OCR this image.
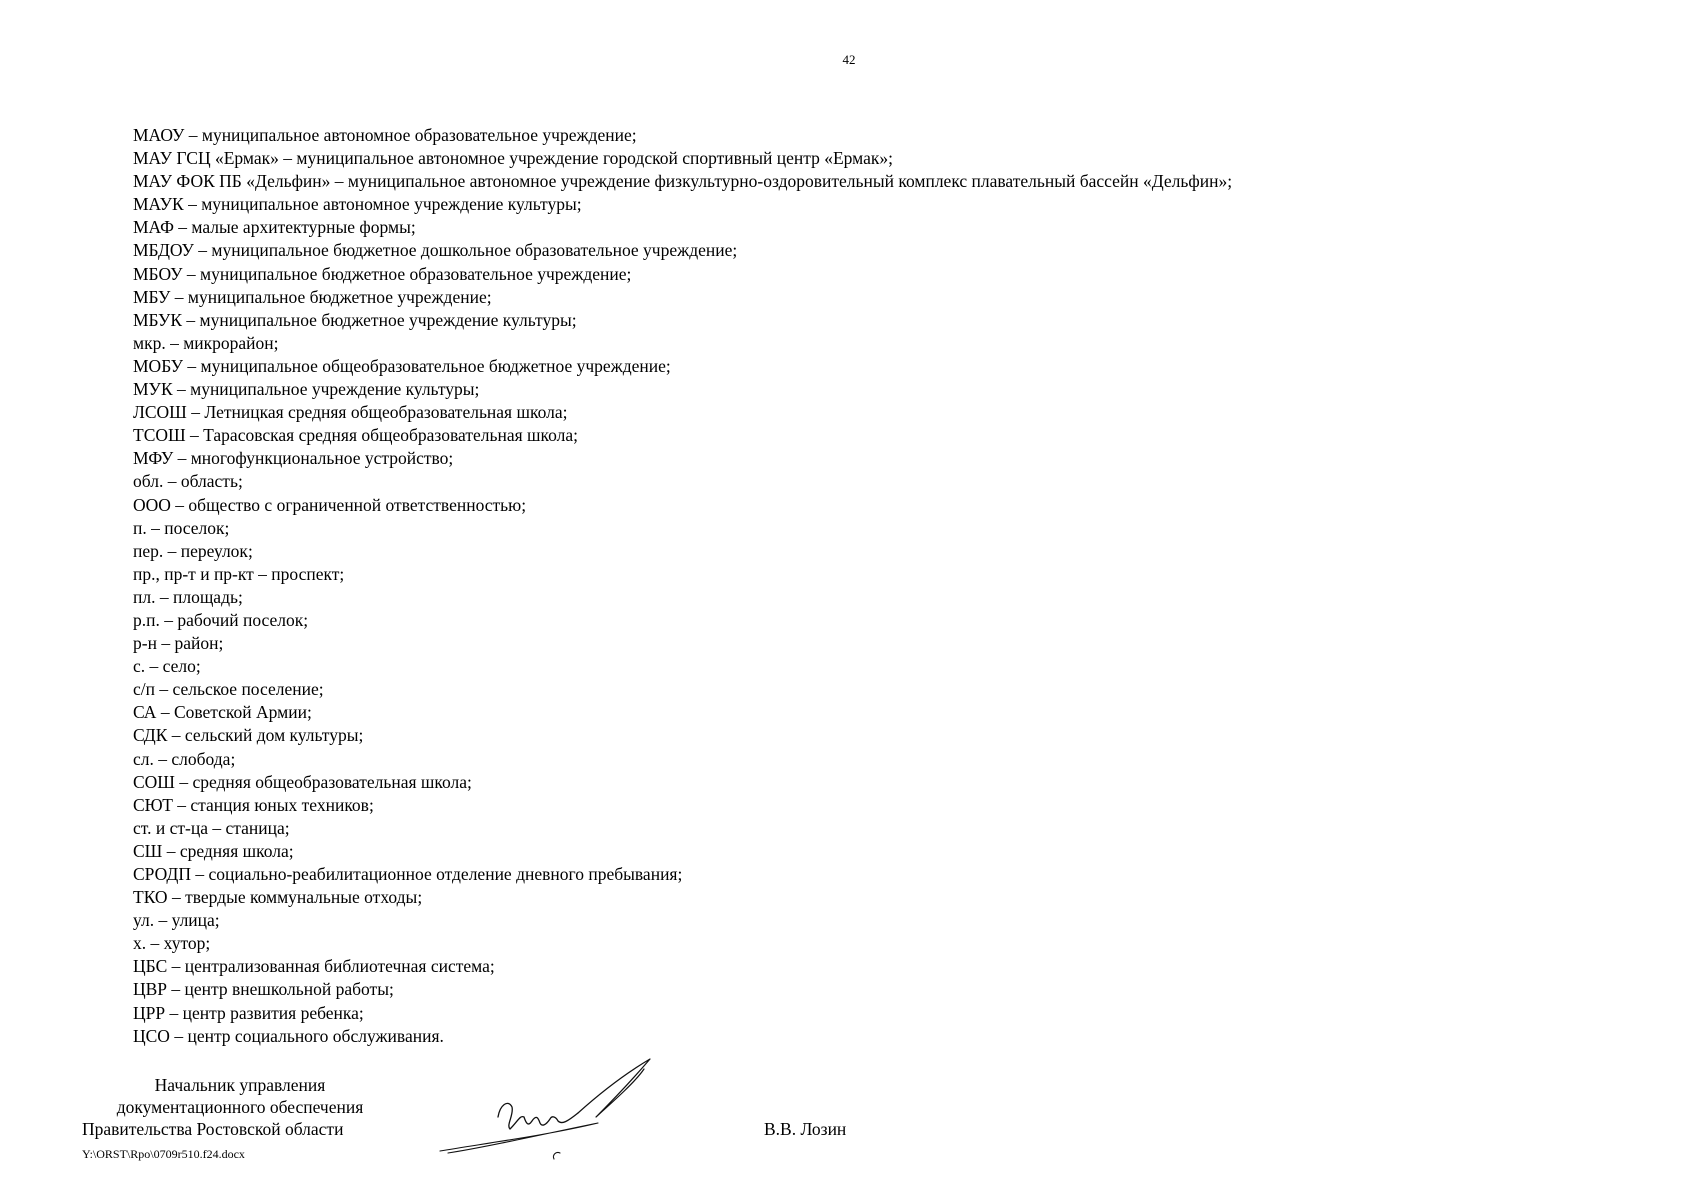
42
МАОУ – муниципальное автономное образовательное учреждение;
МАУ ГСЦ «Ермак» – муниципальное автономное учреждение городской спортивный центр «Ермак»;
МАУ ФОК ПБ «Дельфин» – муниципальное автономное учреждение физкультурно-оздоровительный комплекс плавательный бассейн «Дельфин»;
МАУК – муниципальное автономное учреждение культуры;
МАФ – малые архитектурные формы;
МБДОУ – муниципальное бюджетное дошкольное образовательное учреждение;
МБОУ – муниципальное бюджетное образовательное учреждение;
МБУ – муниципальное бюджетное учреждение;
МБУК – муниципальное бюджетное учреждение культуры;
мкр. – микрорайон;
МОБУ – муниципальное общеобразовательное бюджетное учреждение;
МУК – муниципальное учреждение культуры;
ЛСОШ – Летницкая средняя общеобразовательная школа;
ТСОШ – Тарасовская средняя общеобразовательная школа;
МФУ – многофункциональное устройство;
обл. – область;
ООО – общество с ограниченной ответственностью;
п. – поселок;
пер. – переулок;
пр., пр-т и пр-кт – проспект;
пл. – площадь;
р.п. – рабочий поселок;
р-н – район;
с. – село;
с/п – сельское поселение;
СА – Советской Армии;
СДК – сельский дом культуры;
сл. – слобода;
СОШ – средняя общеобразовательная школа;
СЮТ – станция юных техников;
ст. и ст-ца – станица;
СШ – средняя школа;
СРОДП – социально-реабилитационное отделение дневного пребывания;
ТКО – твердые коммунальные отходы;
ул. – улица;
х. – хутор;
ЦБС – централизованная библиотечная система;
ЦВР – центр внешкольной работы;
ЦРР – центр развития ребенка;
ЦСО – центр социального обслуживания.
Начальник управления
документационного обеспечения
Правительства Ростовской области	В.В. Лозин
Y:\ORST\Rpo\0709r510.f24.docx
